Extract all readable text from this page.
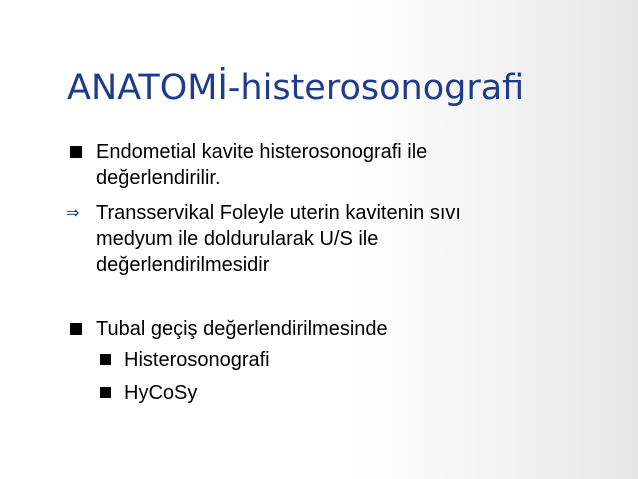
ANATOMİ-histerosonografi
Endometial kavite histerosonografi ile
değerlendirilir.
⇒ Transservikal Foleyle uterin kavitenin sıvı
medyum ile doldurularak U/S ile
değerlendirilmesidir
Tubal geçiş değerlendirilmesinde
Histerosonografi
HyCoSy
